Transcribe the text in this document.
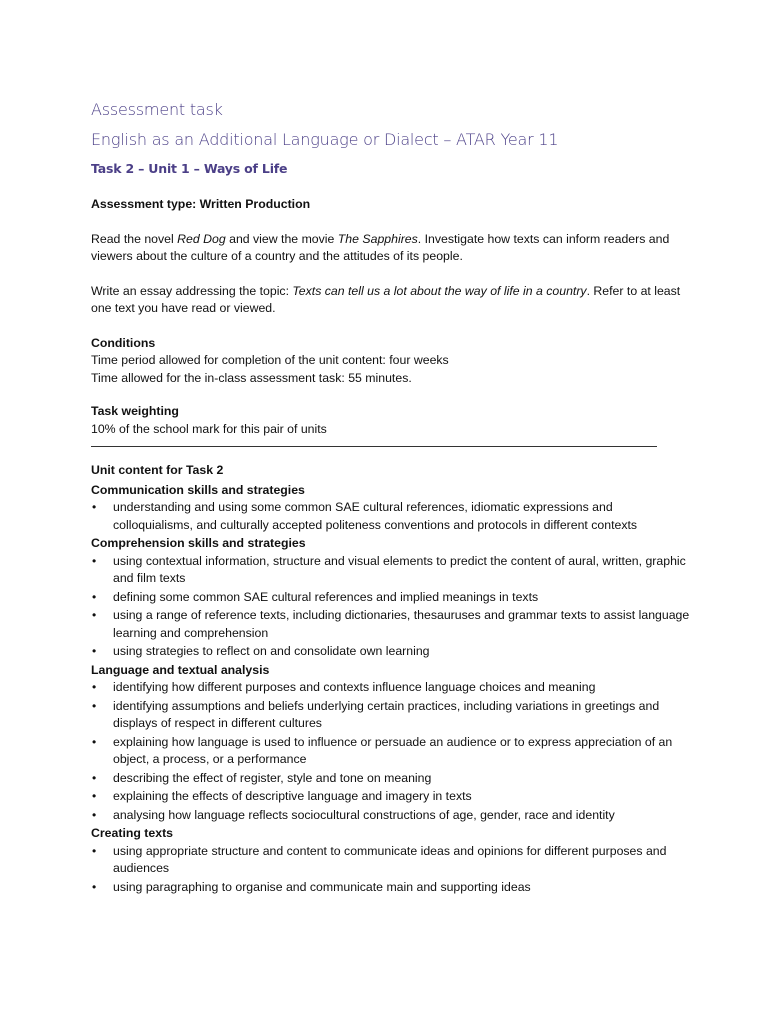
Assessment task
English as an Additional Language or Dialect – ATAR Year 11
Task 2 – Unit 1 – Ways of Life

Assessment type: Written Production

Read the novel Red Dog and view the movie The Sapphires. Investigate how texts can inform readers and viewers about the culture of a country and the attitudes of its people.

Write an essay addressing the topic: Texts can tell us a lot about the way of life in a country. Refer to at least one text you have read or viewed.

Conditions

Time period allowed for completion of the unit content: four weeks

Time allowed for the in-class assessment task: 55 minutes.

Task weighting

10% of the school mark for this pair of units

Unit content for Task 2

Communication skills and strategies

• understanding and using some common SAE cultural references, idiomatic expressions and colloquialisms, and culturally accepted politeness conventions and protocols in different contexts

Comprehension skills and strategies

• using contextual information, structure and visual elements to predict the content of aural, written, graphic and film texts
• defining some common SAE cultural references and implied meanings in texts
• using a range of reference texts, including dictionaries, thesauruses and grammar texts to assist language learning and comprehension
• using strategies to reflect on and consolidate own learning

Language and textual analysis

• identifying how different purposes and contexts influence language choices and meaning
• identifying assumptions and beliefs underlying certain practices, including variations in greetings and displays of respect in different cultures
• explaining how language is used to influence or persuade an audience or to express appreciation of an object, a process, or a performance
• describing the effect of register, style and tone on meaning
• explaining the effects of descriptive language and imagery in texts
• analysing how language reflects sociocultural constructions of age, gender, race and identity

Creating texts

• using appropriate structure and content to communicate ideas and opinions for different purposes and audiences
• using paragraphing to organise and communicate main and supporting ideas
